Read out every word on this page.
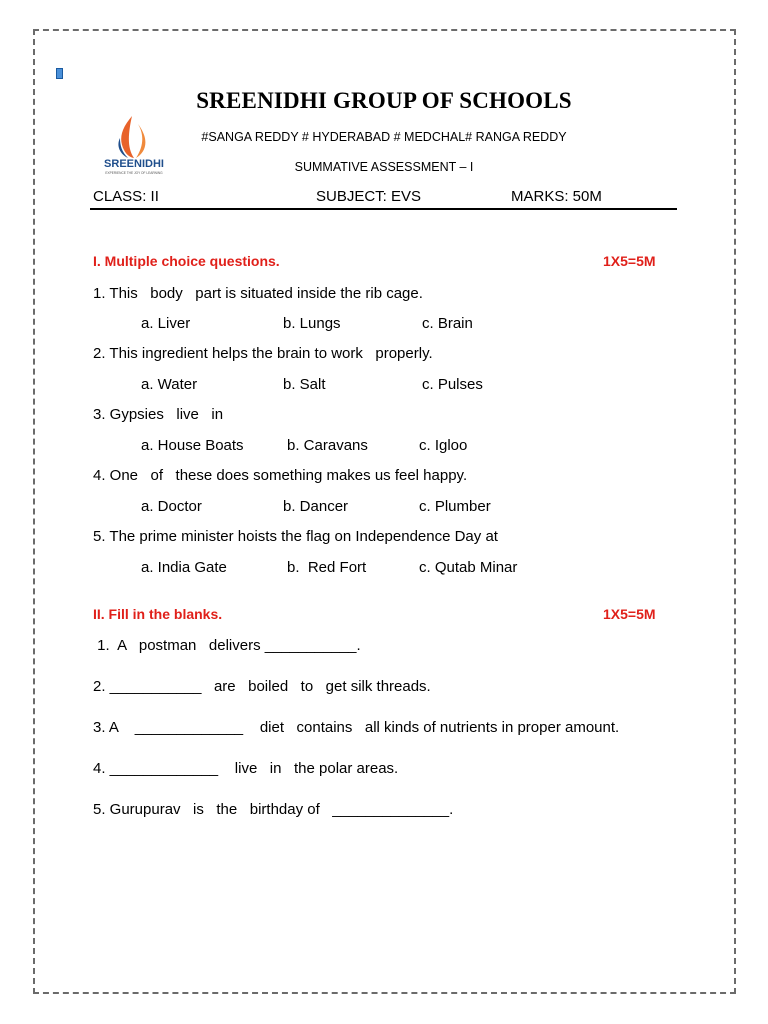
SREENIDHI GROUP OF SCHOOLS
SREENIDHI
EXPERIENCE THE JOY OF LEARNING
#SANGA REDDY # HYDERABAD # MEDCHAL# RANGA REDDY
SUMMATIVE ASSESSMENT – I
CLASS: II	SUBJECT: EVS	MARKS: 50M
I. Multiple choice questions.	1X5=5M
1. This   body   part is situated inside the rib cage.
a. Liver	b. Lungs	c. Brain
2. This ingredient helps the brain to work   properly.
a. Water	b. Salt	c. Pulses
3. Gypsies   live   in
a. House Boats	b. Caravans	c. Igloo
4. One   of   these does something makes us feel happy.
a. Doctor	b. Dancer	c. Plumber
5. The prime minister hoists the flag on Independence Day at
a. India Gate	b.  Red Fort	c. Qutab Minar
II. Fill in the blanks.	1X5=5M
1.  A   postman   delivers ___________.
2. ___________   are   boiled   to   get silk threads.
3. A    _____________    diet   contains   all kinds of nutrients in proper amount.
4. _____________    live   in   the polar areas.
5. Gurupurav   is   the   birthday of   ______________.
